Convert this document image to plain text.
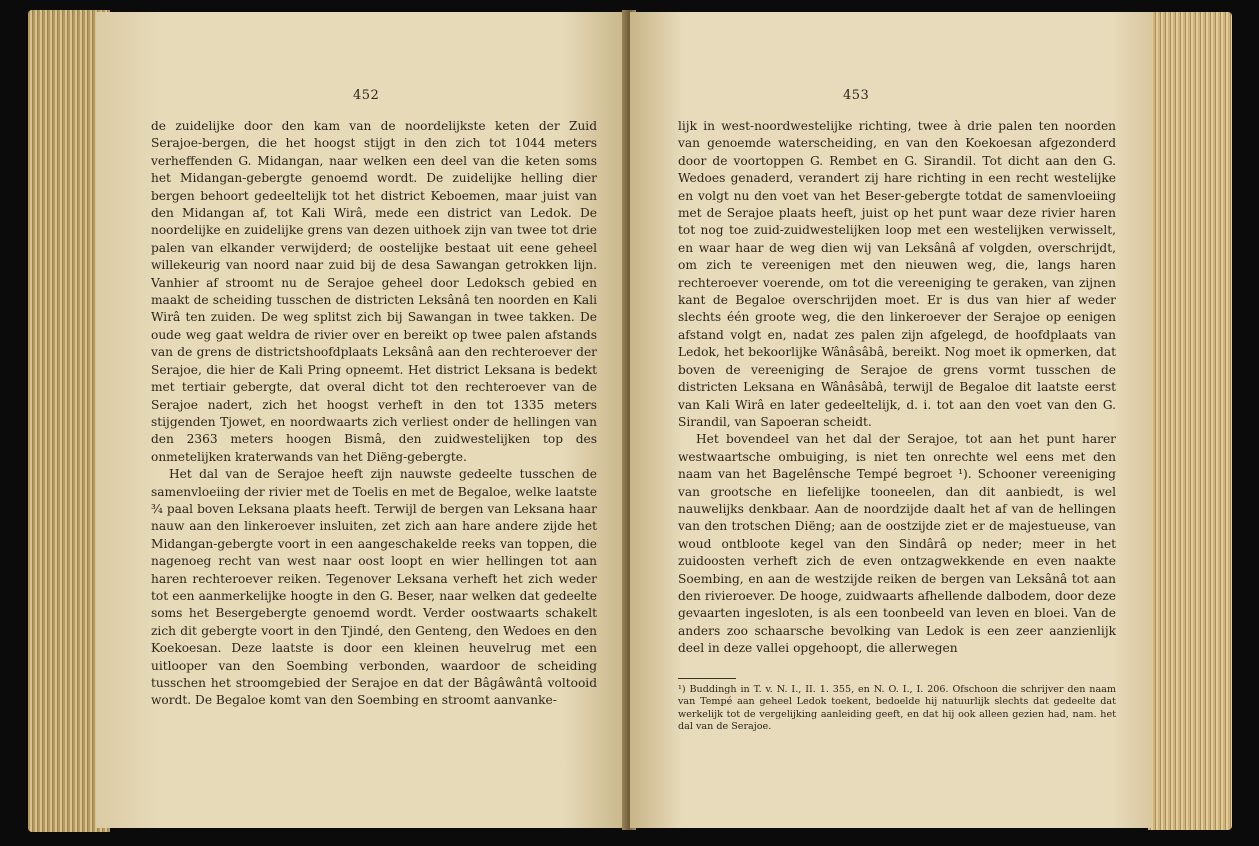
452

de zuidelijke door den kam van de noordelijkste keten der Zuid Serajoe-bergen, die het hoogst stijgt in den zich tot 1044 meters verheffenden G. Midangan, naar welken een deel van die keten soms het Midangan-gebergte genoemd wordt. De zuidelijke helling dier bergen behoort gedeeltelijk tot het district Keboemen, maar juist van den Midangan af, tot Kali Wirâ, mede een district van Ledok. De noordelijke en zuidelijke grens van dezen uithoek zijn van twee tot drie palen van elkander verwijderd; de oostelijke bestaat uit eene geheel willekeurig van noord naar zuid bij de desa Sawangan getrokken lijn. Vanhier af stroomt nu de Serajoe geheel door Ledoksch gebied en maakt de scheiding tusschen de districten Leksânâ ten noorden en Kali Wirâ ten zuiden. De weg splitst zich bij Sawangan in twee takken. De oude weg gaat weldra de rivier over en bereikt op twee palen afstands van de grens de districtshoofdplaats Leksânâ aan den rechteroever der Serajoe, die hier de Kali Pring opneemt. Het district Leksana is bedekt met tertiair gebergte, dat overal dicht tot den rechteroever van de Serajoe nadert, zich het hoogst verheft in den tot 1335 meters stijgenden Tjowet, en noordwaarts zich verliest onder de hellingen van den 2363 meters hoogen Bismâ, den zuidwestelijken top des onmetelijken kraterwands van het Diëng-gebergte.

Het dal van de Serajoe heeft zijn nauwste gedeelte tusschen de samenvloeiing der rivier met de Toelis en met de Begaloe, welke laatste ¾ paal boven Leksana plaats heeft. Terwijl de bergen van Leksana haar nauw aan den linkeroever insluiten, zet zich aan hare andere zijde het Midangan-gebergte voort in een aangeschakelde reeks van toppen, die nagenoeg recht van west naar oost loopt en wier hellingen tot aan haren rechteroever reiken. Tegenover Leksana verheft het zich weder tot een aanmerkelijke hoogte in den G. Beser, naar welken dat gedeelte soms het Besergebergte genoemd wordt. Verder oostwaarts schakelt zich dit gebergte voort in den Tjindé, den Genteng, den Wedoes en den Koekoesan. Deze laatste is door een kleinen heuvelrug met een uitlooper van den Soembing verbonden, waardoor de scheiding tusschen het stroomgebied der Serajoe en dat der Bâgâwântâ voltooid wordt. De Begaloe komt van den Soembing en stroomt aanvanke-

453

lijk in west-noordwestelijke richting, twee à drie palen ten noorden van genoemde waterscheiding, en van den Koekoesan afgezonderd door de voortoppen G. Rembet en G. Sirandil. Tot dicht aan den G. Wedoes genaderd, verandert zij hare richting in een recht westelijke en volgt nu den voet van het Beser-gebergte totdat de samenvloeiing met de Serajoe plaats heeft, juist op het punt waar deze rivier haren tot nog toe zuid-zuidwestelijken loop met een westelijken verwisselt, en waar haar de weg dien wij van Leksânâ af volgden, overschrijdt, om zich te vereenigen met den nieuwen weg, die, langs haren rechteroever voerende, om tot die vereeniging te geraken, van zijnen kant de Begaloe overschrijden moet. Er is dus van hier af weder slechts één groote weg, die den linkeroever der Serajoe op eenigen afstand volgt en, nadat zes palen zijn afgelegd, de hoofdplaats van Ledok, het bekoorlijke Wânâsâbâ, bereikt. Nog moet ik opmerken, dat boven de vereeniging de Serajoe de grens vormt tusschen de districten Leksana en Wânâsâbâ, terwijl de Begaloe dit laatste eerst van Kali Wirâ en later gedeeltelijk, d. i. tot aan den voet van den G. Sirandil, van Sapoeran scheidt.

Het bovendeel van het dal der Serajoe, tot aan het punt harer westwaartsche ombuiging, is niet ten onrechte wel eens met den naam van het Bagelênsche Tempé begroet ¹). Schooner vereeniging van grootsche en liefelijke tooneelen, dan dit aanbiedt, is wel nauwelijks denkbaar. Aan de noordzijde daalt het af van de hellingen van den trotschen Diëng; aan de oostzijde ziet er de majestueuse, van woud ontbloote kegel van den Sindârâ op neder; meer in het zuidoosten verheft zich de even ontzagwekkende en even naakte Soembing, en aan de westzijde reiken de bergen van Leksânâ tot aan den rivieroever. De hooge, zuidwaarts afhellende dalbodem, door deze gevaarten ingesloten, is als een toonbeeld van leven en bloei. Van de anders zoo schaarsche bevolking van Ledok is een zeer aanzienlijk deel in deze vallei opgehoopt, die allerwegen

¹) Buddingh in T. v. N. I., II. 1. 355, en N. O. I., I. 206. Ofschoon die schrijver den naam van Tempé aan geheel Ledok toekent, bedoelde hij natuurlijk slechts dat gedeelte dat werkelijk tot de vergelijking aanleiding geeft, en dat hij ook alleen gezien had, nam. het dal van de Serajoe.
